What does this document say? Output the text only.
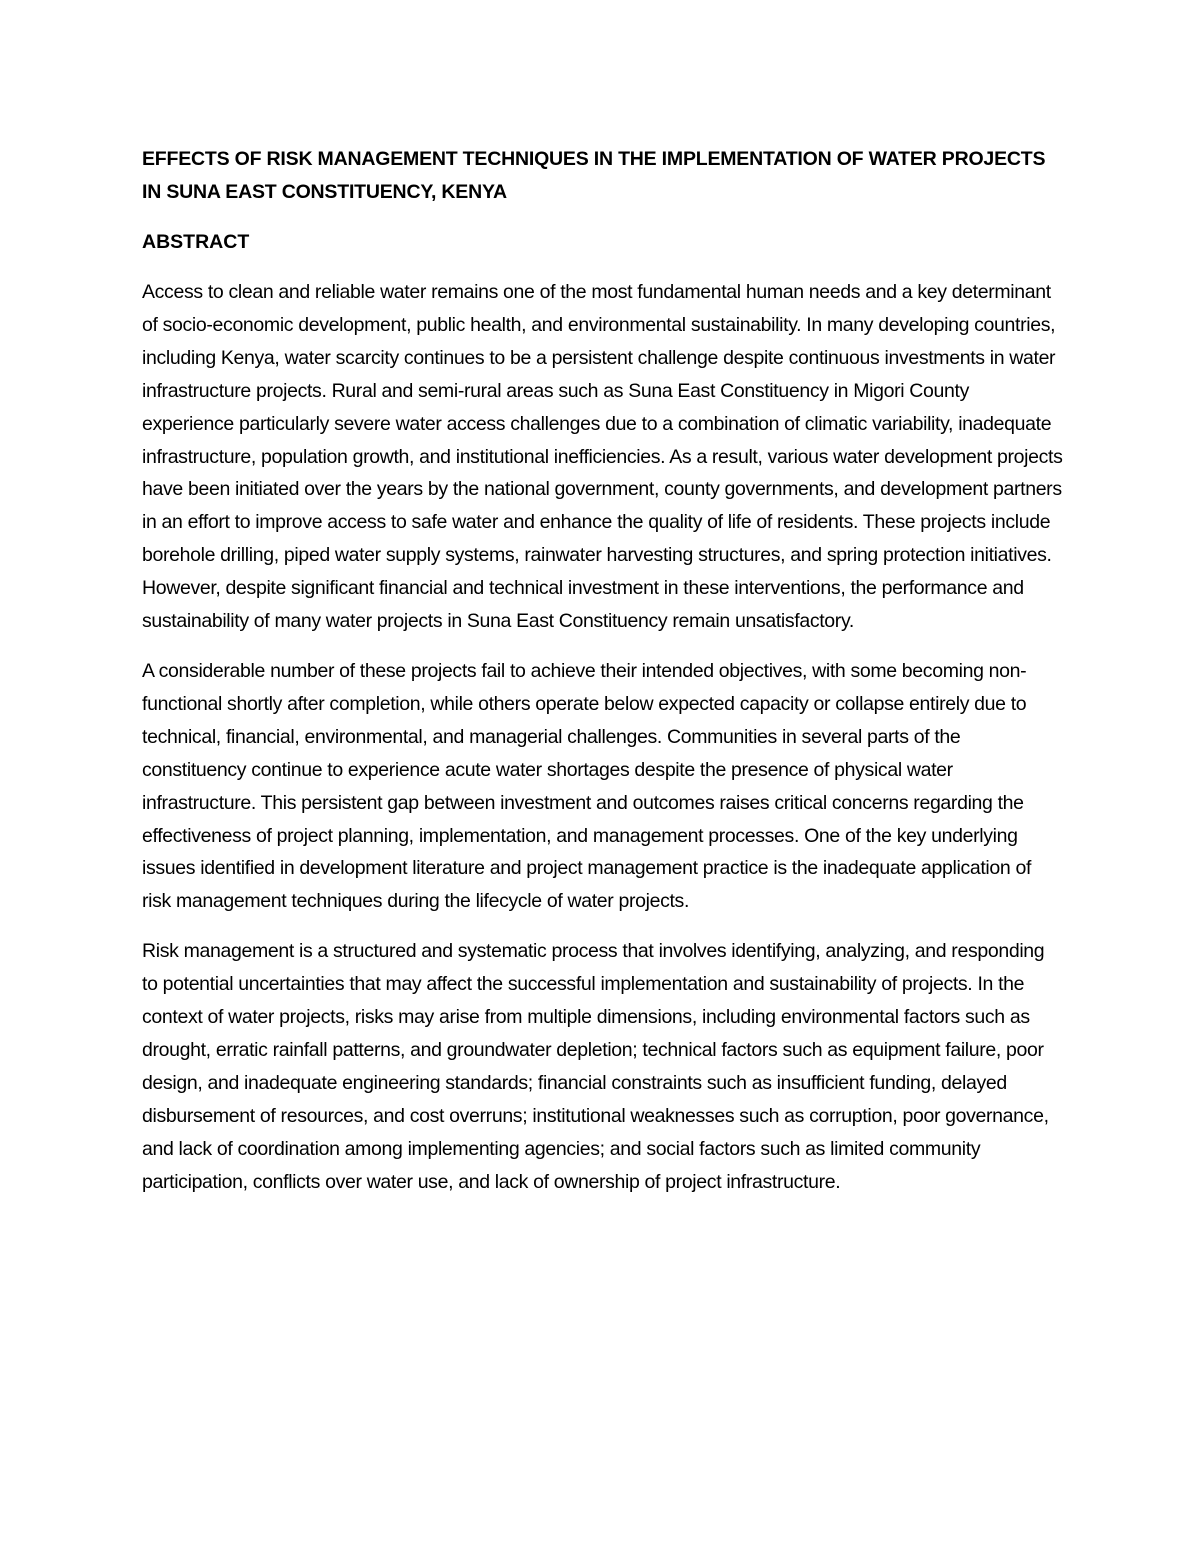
EFFECTS OF RISK MANAGEMENT TECHNIQUES IN THE IMPLEMENTATION OF WATER PROJECTS IN SUNA EAST CONSTITUENCY, KENYA
ABSTRACT

Access to clean and reliable water remains one of the most fundamental human needs and a key determinant of socio-economic development, public health, and environmental sustainability. In many developing countries, including Kenya, water scarcity continues to be a persistent challenge despite continuous investments in water infrastructure projects. Rural and semi-rural areas such as Suna East Constituency in Migori County experience particularly severe water access challenges due to a combination of climatic variability, inadequate infrastructure, population growth, and institutional inefficiencies. As a result, various water development projects have been initiated over the years by the national government, county governments, and development partners in an effort to improve access to safe water and enhance the quality of life of residents. These projects include borehole drilling, piped water supply systems, rainwater harvesting structures, and spring protection initiatives. However, despite significant financial and technical investment in these interventions, the performance and sustainability of many water projects in Suna East Constituency remain unsatisfactory.

A considerable number of these projects fail to achieve their intended objectives, with some becoming non-functional shortly after completion, while others operate below expected capacity or collapse entirely due to technical, financial, environmental, and managerial challenges. Communities in several parts of the constituency continue to experience acute water shortages despite the presence of physical water infrastructure. This persistent gap between investment and outcomes raises critical concerns regarding the effectiveness of project planning, implementation, and management processes. One of the key underlying issues identified in development literature and project management practice is the inadequate application of risk management techniques during the lifecycle of water projects.

Risk management is a structured and systematic process that involves identifying, analyzing, and responding to potential uncertainties that may affect the successful implementation and sustainability of projects. In the context of water projects, risks may arise from multiple dimensions, including environmental factors such as drought, erratic rainfall patterns, and groundwater depletion; technical factors such as equipment failure, poor design, and inadequate engineering standards; financial constraints such as insufficient funding, delayed disbursement of resources, and cost overruns; institutional weaknesses such as corruption, poor governance, and lack of coordination among implementing agencies; and social factors such as limited community participation, conflicts over water use, and lack of ownership of project infrastructure.
